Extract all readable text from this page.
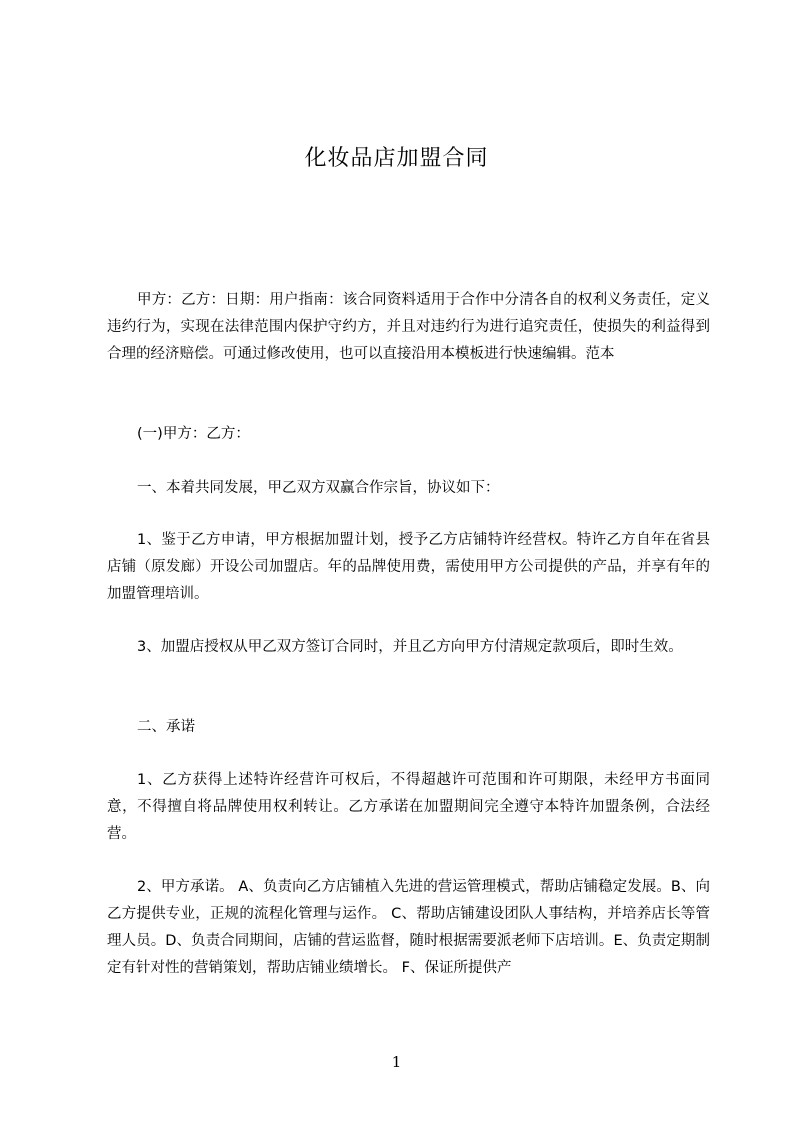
化妆品店加盟合同

甲方：乙方：日期：用户指南：该合同资料适用于合作中分清各自的权利义务责任，定义违约行为，实现在法律范围内保护守约方，并且对违约行为进行追究责任，使损失的利益得到合理的经济赔偿。可通过修改使用，也可以直接沿用本模板进行快速编辑。范本

(一)甲方：乙方：

一、本着共同发展，甲乙双方双赢合作宗旨，协议如下：

1、鉴于乙方申请，甲方根据加盟计划，授予乙方店铺特许经营权。特许乙方自年在省县店铺（原发廊）开设公司加盟店。年的品牌使用费，需使用甲方公司提供的产品，并享有年的加盟管理培训。

3、加盟店授权从甲乙双方签订合同时，并且乙方向甲方付清规定款项后，即时生效。

二、承诺

1、乙方获得上述特许经营许可权后，不得超越许可范围和许可期限，未经甲方书面同意，不得擅自将品牌使用权利转让。乙方承诺在加盟期间完全遵守本特许加盟条例，合法经营。

2、甲方承诺。 A、负责向乙方店铺植入先进的营运管理模式，帮助店铺稳定发展。B、向乙方提供专业，正规的流程化管理与运作。 C、帮助店铺建设团队人事结构，并培养店长等管理人员。D、负责合同期间，店铺的营运监督，随时根据需要派老师下店培训。E、负责定期制定有针对性的营销策划，帮助店铺业绩增长。 F、保证所提供产

1
